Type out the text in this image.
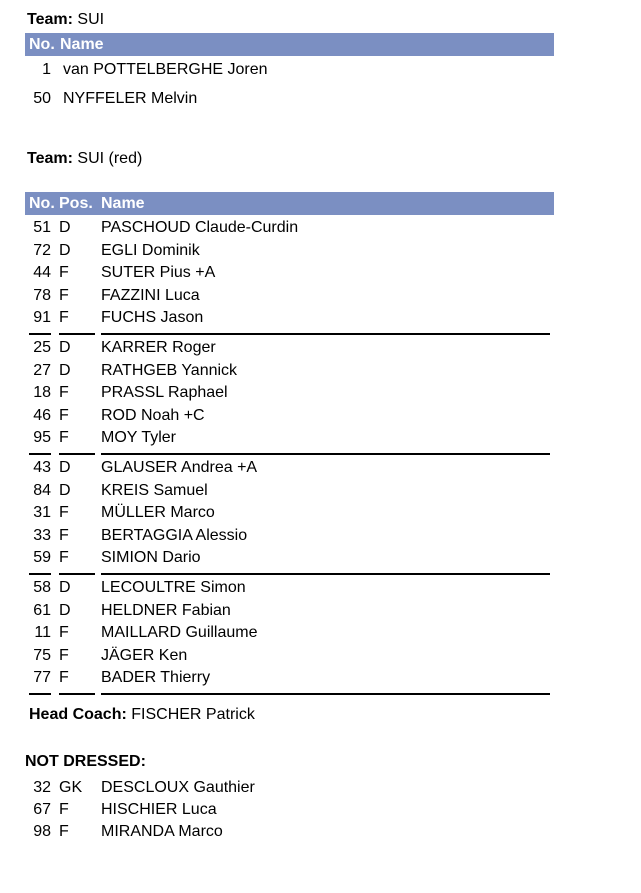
Team: SUI
No. Name
1 van POTTELBERGHE Joren
50 NYFFELER Melvin
Team: SUI (red)
No. Pos. Name
51 D PASCHOUD Claude-Curdin
72 D EGLI Dominik
44 F SUTER Pius +A
78 F FAZZINI Luca
91 F FUCHS Jason
25 D KARRER Roger
27 D RATHGEB Yannick
18 F PRASSL Raphael
46 F ROD Noah +C
95 F MOY Tyler
43 D GLAUSER Andrea +A
84 D KREIS Samuel
31 F MÜLLER Marco
33 F BERTAGGIA Alessio
59 F SIMION Dario
58 D LECOULTRE Simon
61 D HELDNER Fabian
11 F MAILLARD Guillaume
75 F JÄGER Ken
77 F BADER Thierry
Head Coach: FISCHER Patrick
NOT DRESSED:
32 GK DESCLOUX Gauthier
67 F HISCHIER Luca
98 F MIRANDA Marco
